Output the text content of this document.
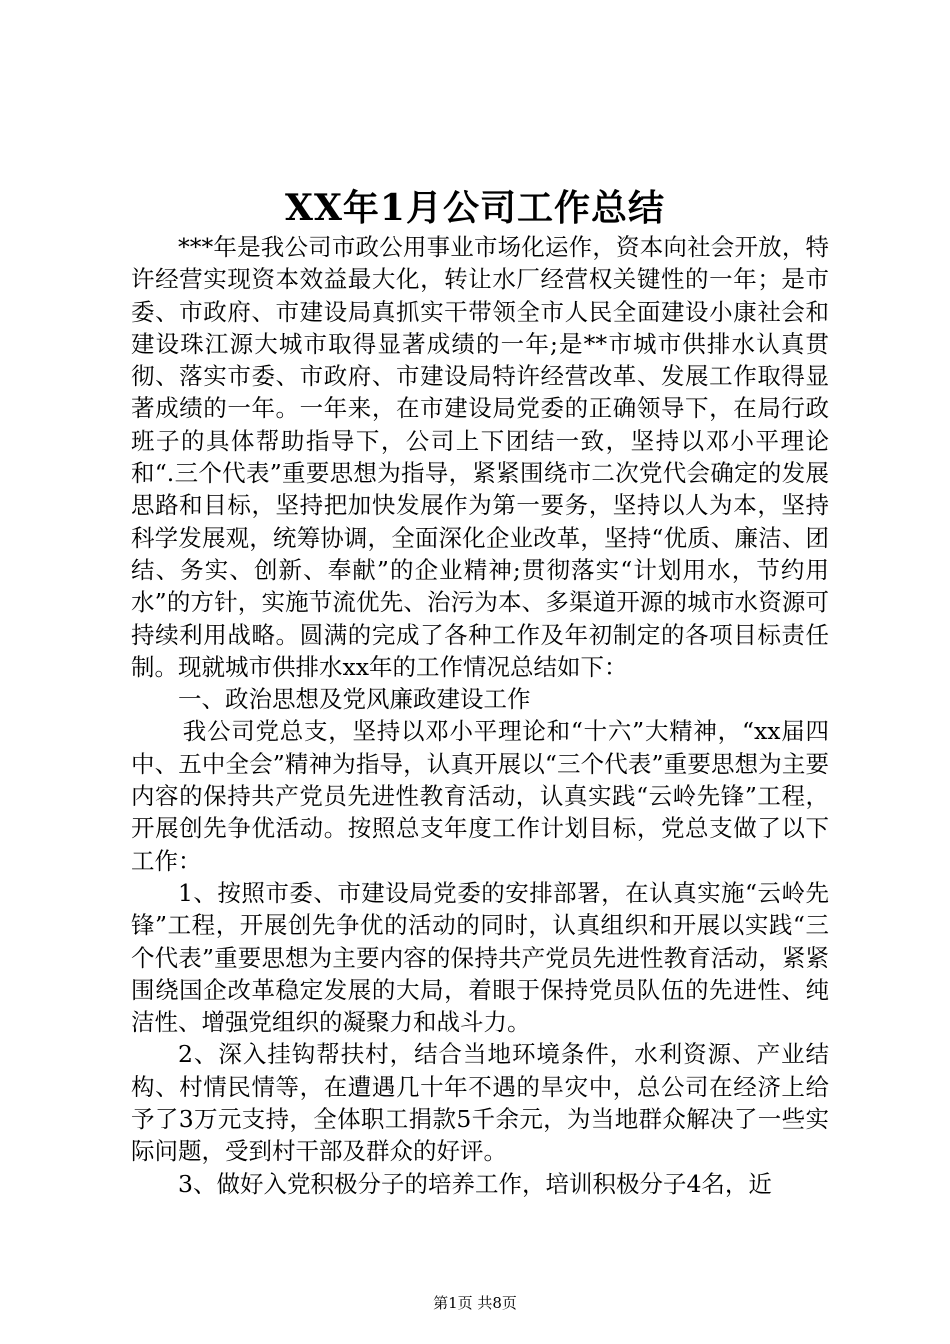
XX年1月公司工作总结

***年是我公司市政公用事业市场化运作，资本向社会开放，特许经营实现资本效益最大化，转让水厂经营权关键性的一年；是市委、市政府、市建设局真抓实干带领全市人民全面建设小康社会和建设珠江源大城市取得显著成绩的一年;是**市城市供排水认真贯彻、落实市委、市政府、市建设局特许经营改革、发展工作取得显著成绩的一年。一年来，在市建设局党委的正确领导下，在局行政班子的具体帮助指导下，公司上下团结一致，坚持以邓小平理论和“.三个代表”重要思想为指导，紧紧围绕市二次党代会确定的发展思路和目标，坚持把加快发展作为第一要务，坚持以人为本，坚持科学发展观，统筹协调，全面深化企业改革，坚持“优质、廉洁、团结、务实、创新、奉献”的企业精神;贯彻落实“计划用水，节约用水”的方针，实施节流优先、治污为本、多渠道开源的城市水资源可持续利用战略。圆满的完成了各种工作及年初制定的各项目标责任制。现就城市供排水xx年的工作情况总结如下：

一、政治思想及党风廉政建设工作

我公司党总支，坚持以邓小平理论和“十六”大精神，“xx届四中、五中全会”精神为指导，认真开展以“三个代表”重要思想为主要内容的保持共产党员先进性教育活动，认真实践“云岭先锋”工程，开展创先争优活动。按照总支年度工作计划目标，党总支做了以下工作：

1、按照市委、市建设局党委的安排部署，在认真实施“云岭先锋”工程，开展创先争优的活动的同时，认真组织和开展以实践“三个代表”重要思想为主要内容的保持共产党员先进性教育活动，紧紧围绕国企改革稳定发展的大局，着眼于保持党员队伍的先进性、纯洁性、增强党组织的凝聚力和战斗力。

2、深入挂钩帮扶村，结合当地环境条件，水利资源、产业结构、村情民情等，在遭遇几十年不遇的旱灾中，总公司在经济上给予了3万元支持，全体职工捐款5千余元，为当地群众解决了一些实际问题，受到村干部及群众的好评。

3、做好入党积极分子的培养工作，培训积极分子4名，近

第1页 共8页
